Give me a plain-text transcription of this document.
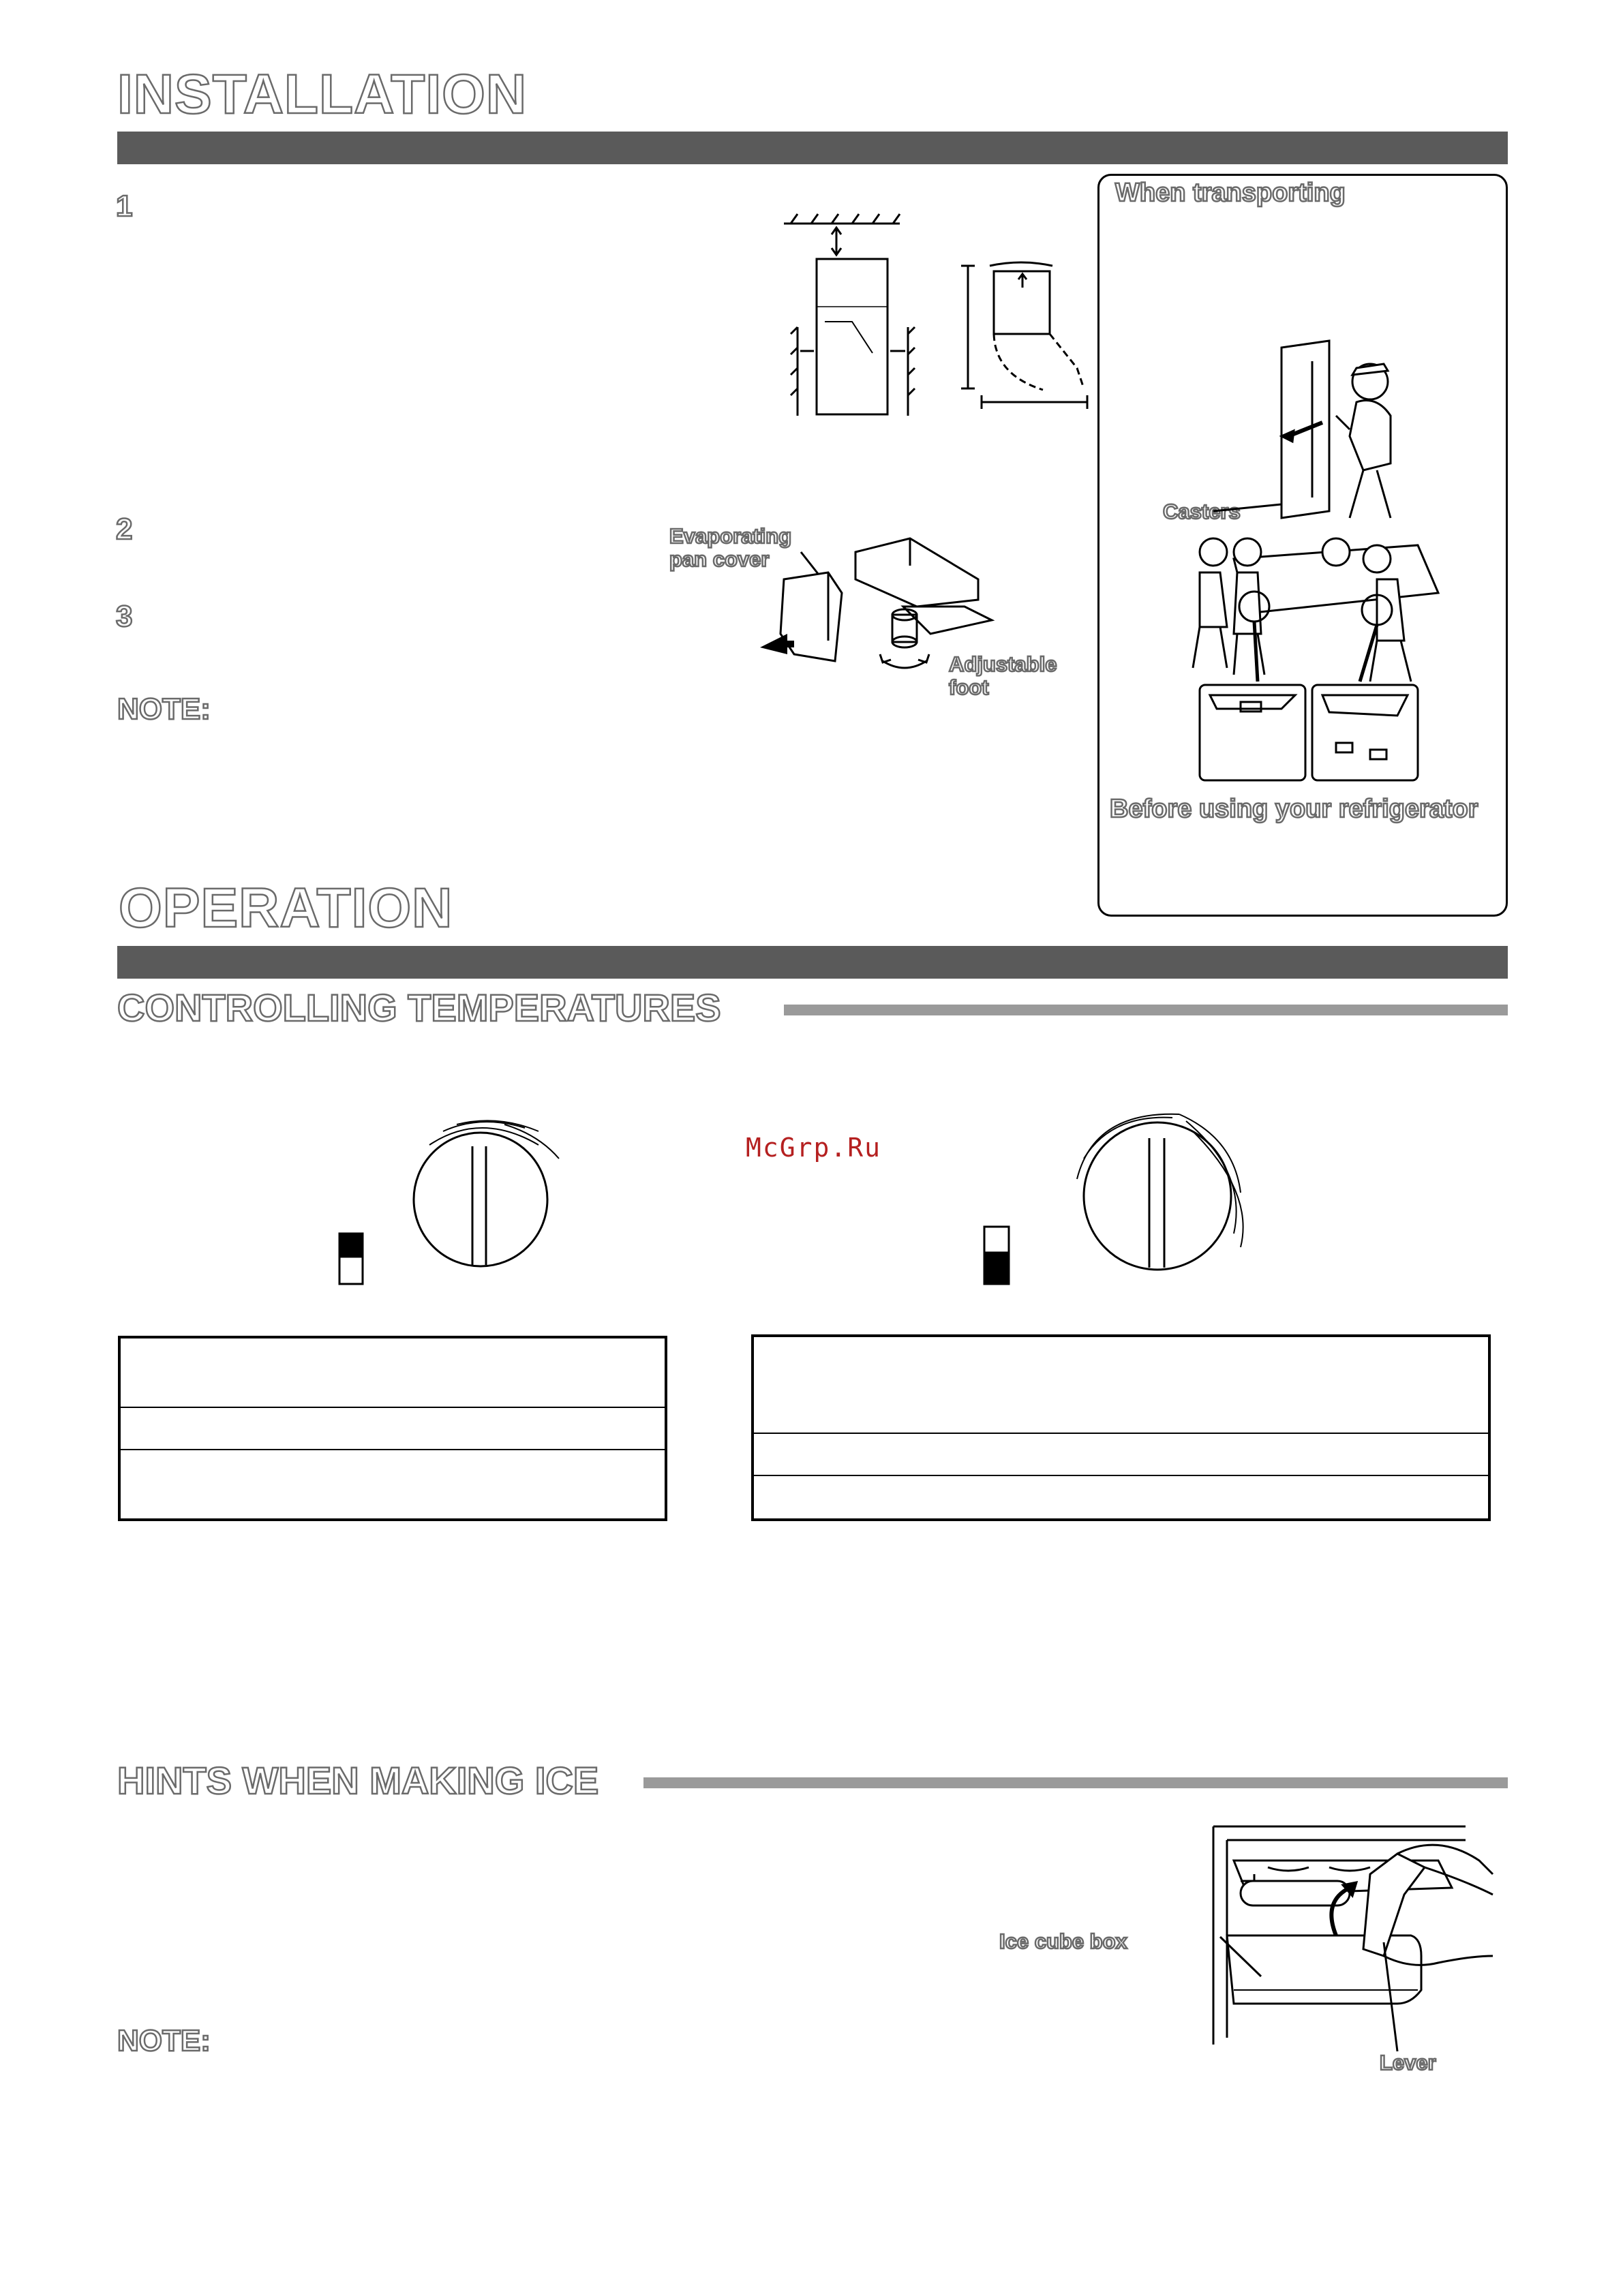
INSTALLATION
1
2
3
NOTE:
Evaporating
pan cover
Adjustable
foot
When transporting
Casters
Before using your refrigerator
OPERATION
CONTROLLING TEMPERATURES
McGrp.Ru
HINTS WHEN MAKING ICE
NOTE:
Ice cube box
Lever
